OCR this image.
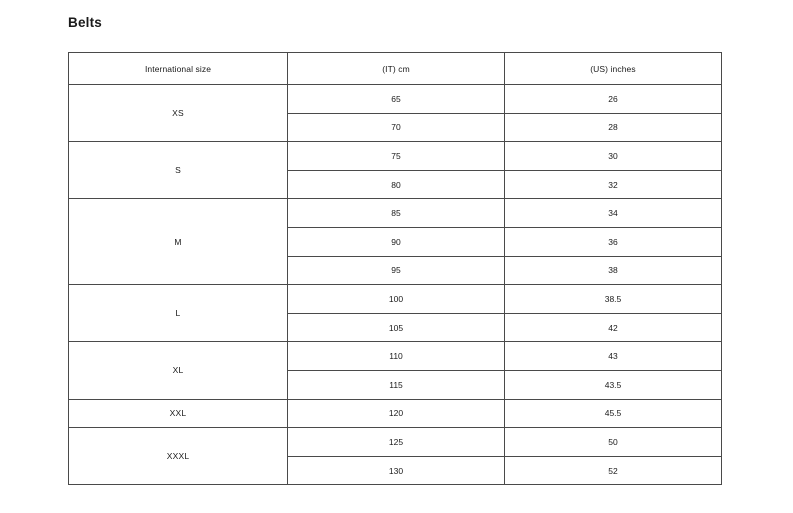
Belts
International size	(IT) cm	(US) inches
XS	65	26
	70	28
S	75	30
	80	32
M	85	34
	90	36
	95	38
L	100	38.5
	105	42
XL	110	43
	115	43.5
XXL	120	45.5
XXXL	125	50
	130	52
